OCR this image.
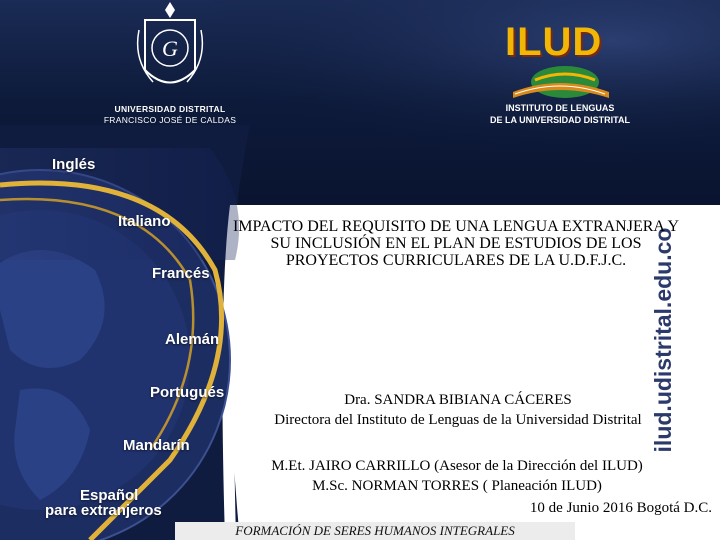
G
UNIVERSIDAD DISTRITAL
FRANCISCO JOSÉ DE CALDAS
ILUD
INSTITUTO DE LENGUAS
DE LA UNIVERSIDAD DISTRITAL
Inglés
Italiano
Francés
Alemán
Portugués
Mandarín
Español
para extranjeros
ilud.udistrital.edu.co
IMPACTO DEL REQUISITO DE UNA LENGUA EXTRANJERA Y SU INCLUSIÓN EN EL PLAN DE ESTUDIOS DE LOS PROYECTOS CURRICULARES DE LA U.D.F.J.C.
Dra. SANDRA BIBIANA CÁCERES
Directora del Instituto de Lenguas de la Universidad Distrital
M.Et. JAIRO CARRILLO (Asesor de la Dirección del ILUD)
M.Sc. NORMAN TORRES ( Planeación ILUD)
10 de Junio 2016 Bogotá D.C.
FORMACIÓN DE SERES HUMANOS INTEGRALES
